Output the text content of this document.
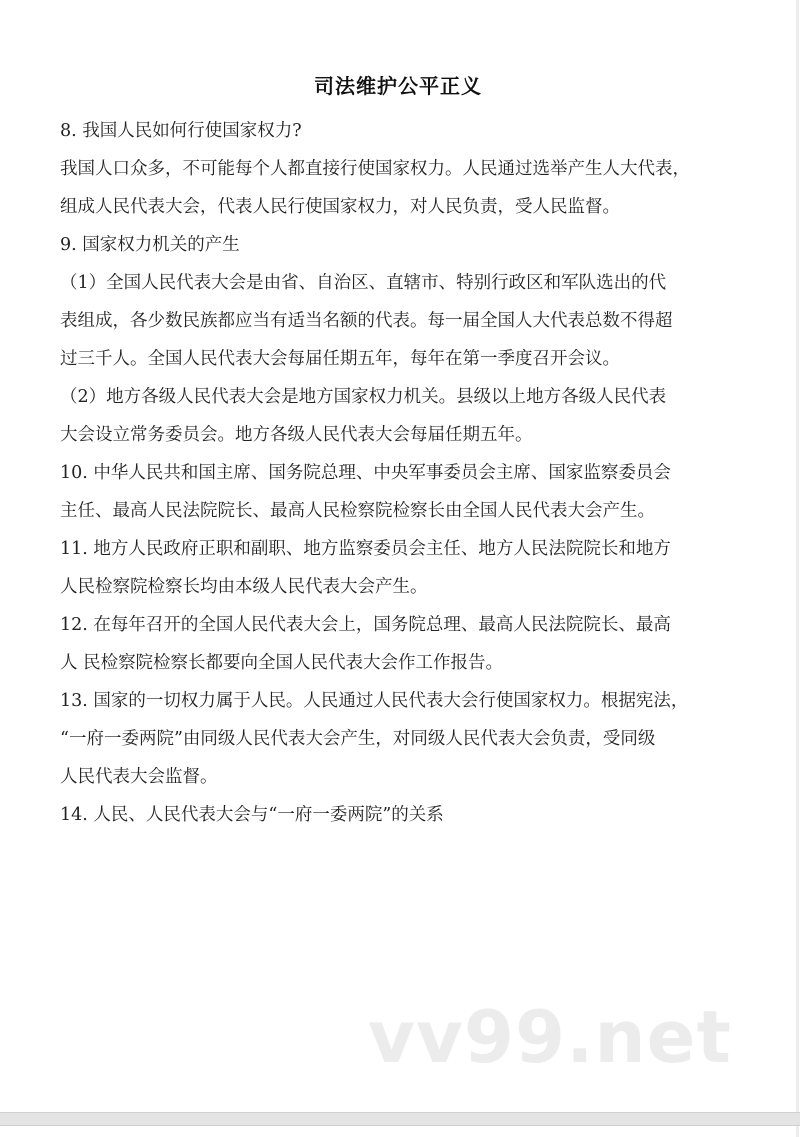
司法维护公平正义
8. 我国人民如何行使国家权力?
我国人口众多，不可能每个人都直接行使国家权力。人民通过选举产生人大代表，
组成人民代表大会，代表人民行使国家权力，对人民负责，受人民监督。
9. 国家权力机关的产生
（1）全国人民代表大会是由省、自治区、直辖市、特别行政区和军队选出的代
表组成，各少数民族都应当有适当名额的代表。每一届全国人大代表总数不得超
过三千人。全国人民代表大会每届任期五年，每年在第一季度召开会议。
（2）地方各级人民代表大会是地方国家权力机关。县级以上地方各级人民代表
大会设立常务委员会。地方各级人民代表大会每届任期五年。
10. 中华人民共和国主席、国务院总理、中央军事委员会主席、国家监察委员会
主任、最高人民法院院长、最高人民检察院检察长由全国人民代表大会产生。
11. 地方人民政府正职和副职、地方监察委员会主任、地方人民法院院长和地方
人民检察院检察长均由本级人民代表大会产生。
12. 在每年召开的全国人民代表大会上，国务院总理、最高人民法院院长、最高
人 民检察院检察长都要向全国人民代表大会作工作报告。
13. 国家的一切权力属于人民。人民通过人民代表大会行使国家权力。根据宪法，
“一府一委两院”由同级人民代表大会产生，对同级人民代表大会负责，受同级
人民代表大会监督。
14. 人民、人民代表大会与“一府一委两院”的关系
vv99.net
